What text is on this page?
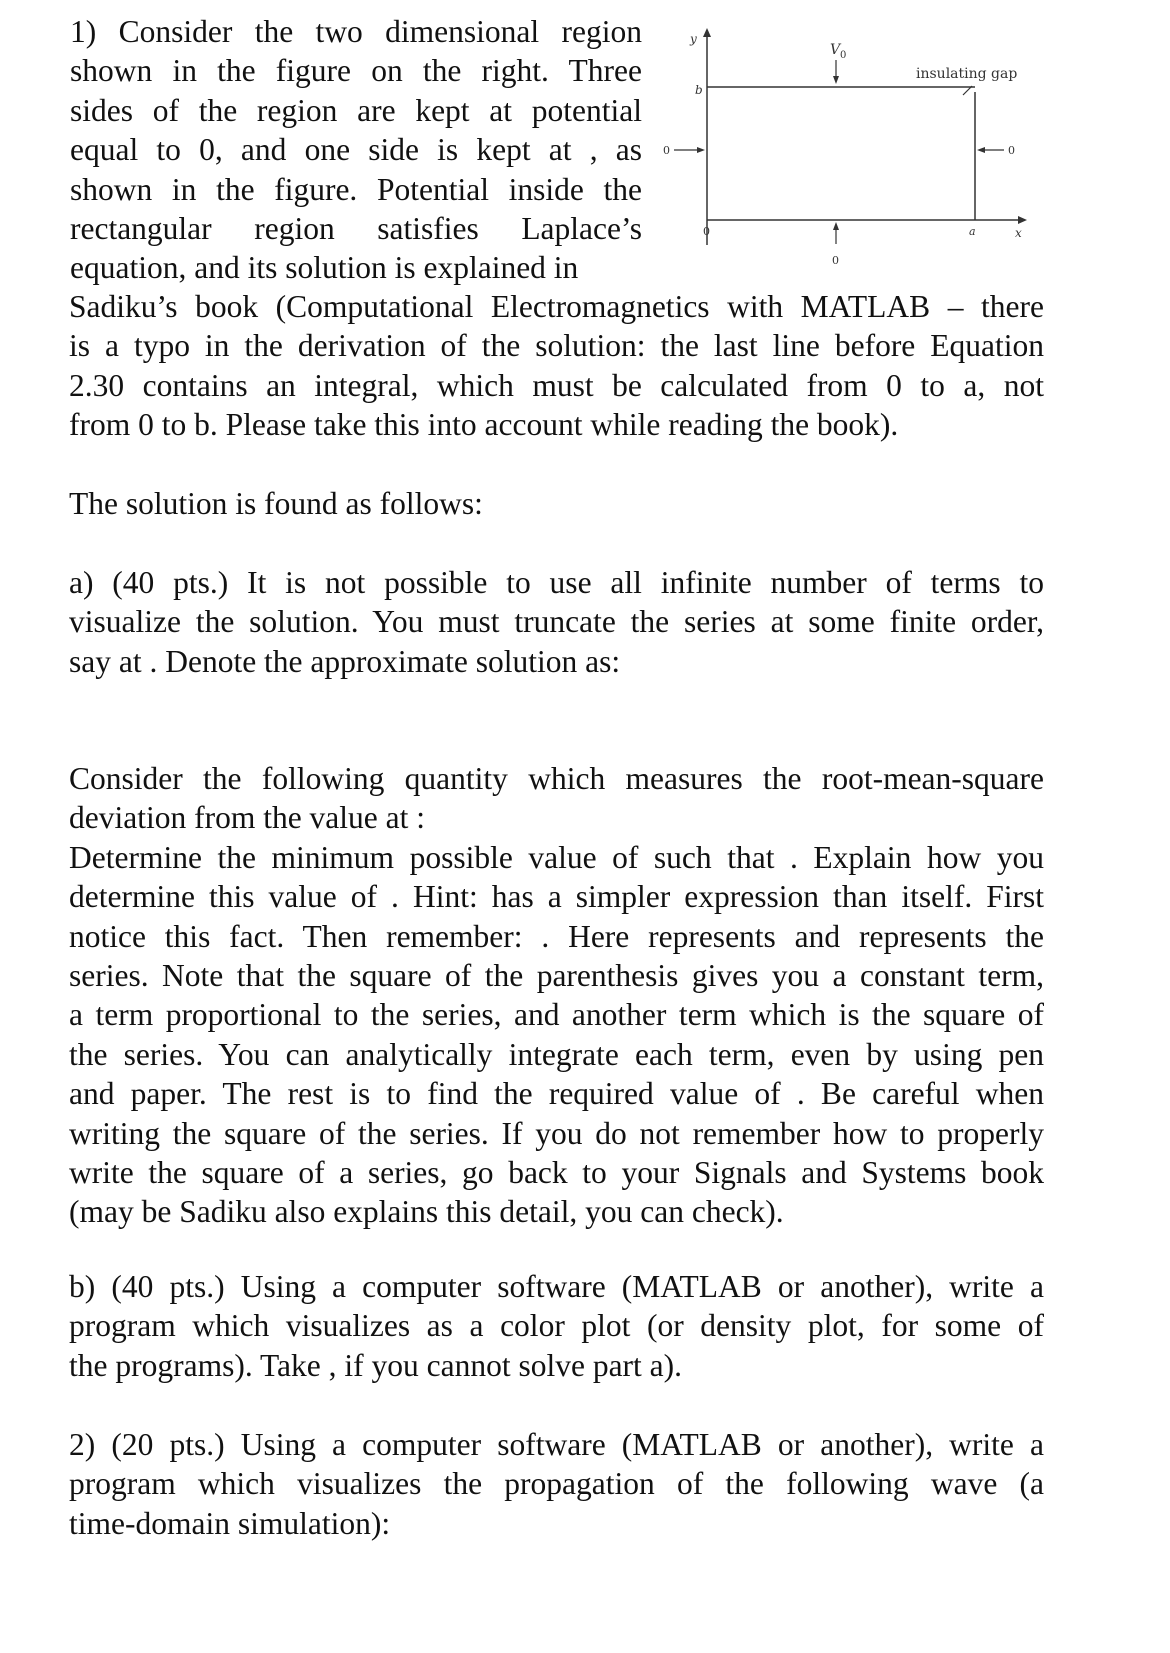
1) Consider the two dimensional region
shown in the figure on the right. Three
sides of the region are kept at potential
equal to 0, and one side is kept at , as
shown in the figure. Potential inside the
rectangular region satisfies Laplace’s
equation, and its solution is explained in
V 0
insulating gap
y
b
0	0
0
0
a	x
Sadiku’s book (Computational Electromagnetics with MATLAB – there
is a typo in the derivation of the solution: the last line before Equation
2.30 contains an integral, which must be calculated from 0 to a, not
from 0 to b. Please take this into account while reading the book).
The solution is found as follows:
a) (40 pts.) It is not possible to use all infinite number of terms to
visualize the solution. You must truncate the series at some finite order,
say at . Denote the approximate solution as:
Consider the following quantity which measures the root-mean-square
deviation from the value at :
Determine the minimum possible value of such that . Explain how you
determine this value of . Hint: has a simpler expression than itself. First
notice this fact. Then remember: . Here represents and represents the
series. Note that the square of the parenthesis gives you a constant term,
a term proportional to the series, and another term which is the square of
the series. You can analytically integrate each term, even by using pen
and paper. The rest is to find the required value of . Be careful when
writing the square of the series. If you do not remember how to properly
write the square of a series, go back to your Signals and Systems book
(may be Sadiku also explains this detail, you can check).
b) (40 pts.) Using a computer software (MATLAB or another), write a
program which visualizes as a color plot (or density plot, for some of
the programs). Take , if you cannot solve part a).
2) (20 pts.) Using a computer software (MATLAB or another), write a
program which visualizes the propagation of the following wave (a
time-domain simulation):
